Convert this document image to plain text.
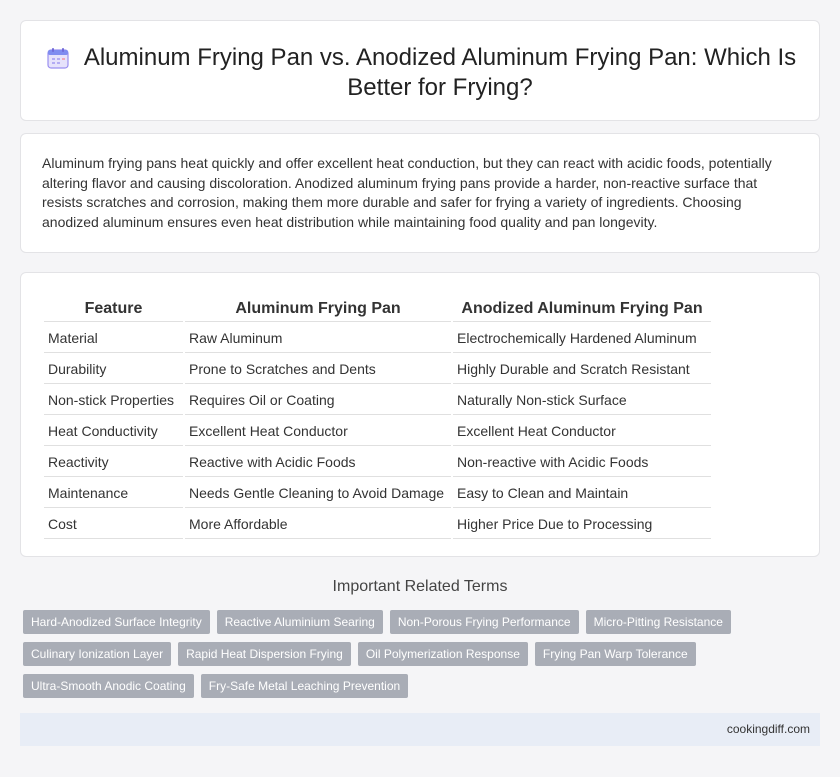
Aluminum Frying Pan vs. Anodized Aluminum Frying Pan: Which Is Better for Frying?

Aluminum frying pans heat quickly and offer excellent heat conduction, but they can react with acidic foods, potentially altering flavor and causing discoloration. Anodized aluminum frying pans provide a harder, non-reactive surface that resists scratches and corrosion, making them more durable and safer for frying a variety of ingredients. Choosing anodized aluminum ensures even heat distribution while maintaining food quality and pan longevity.

Feature	Aluminum Frying Pan	Anodized Aluminum Frying Pan
Material	Raw Aluminum	Electrochemically Hardened Aluminum
Durability	Prone to Scratches and Dents	Highly Durable and Scratch Resistant
Non-stick Properties	Requires Oil or Coating	Naturally Non-stick Surface
Heat Conductivity	Excellent Heat Conductor	Excellent Heat Conductor
Reactivity	Reactive with Acidic Foods	Non-reactive with Acidic Foods
Maintenance	Needs Gentle Cleaning to Avoid Damage	Easy to Clean and Maintain
Cost	More Affordable	Higher Price Due to Processing
Important Related Terms
Hard-Anodized Surface Integrity	Reactive Aluminium Searing	Non-Porous Frying Performance	Micro-Pitting Resistance
Culinary Ionization Layer	Rapid Heat Dispersion Frying	Oil Polymerization Response	Frying Pan Warp Tolerance
Ultra-Smooth Anodic Coating	Fry-Safe Metal Leaching Prevention
cookingdiff.com
